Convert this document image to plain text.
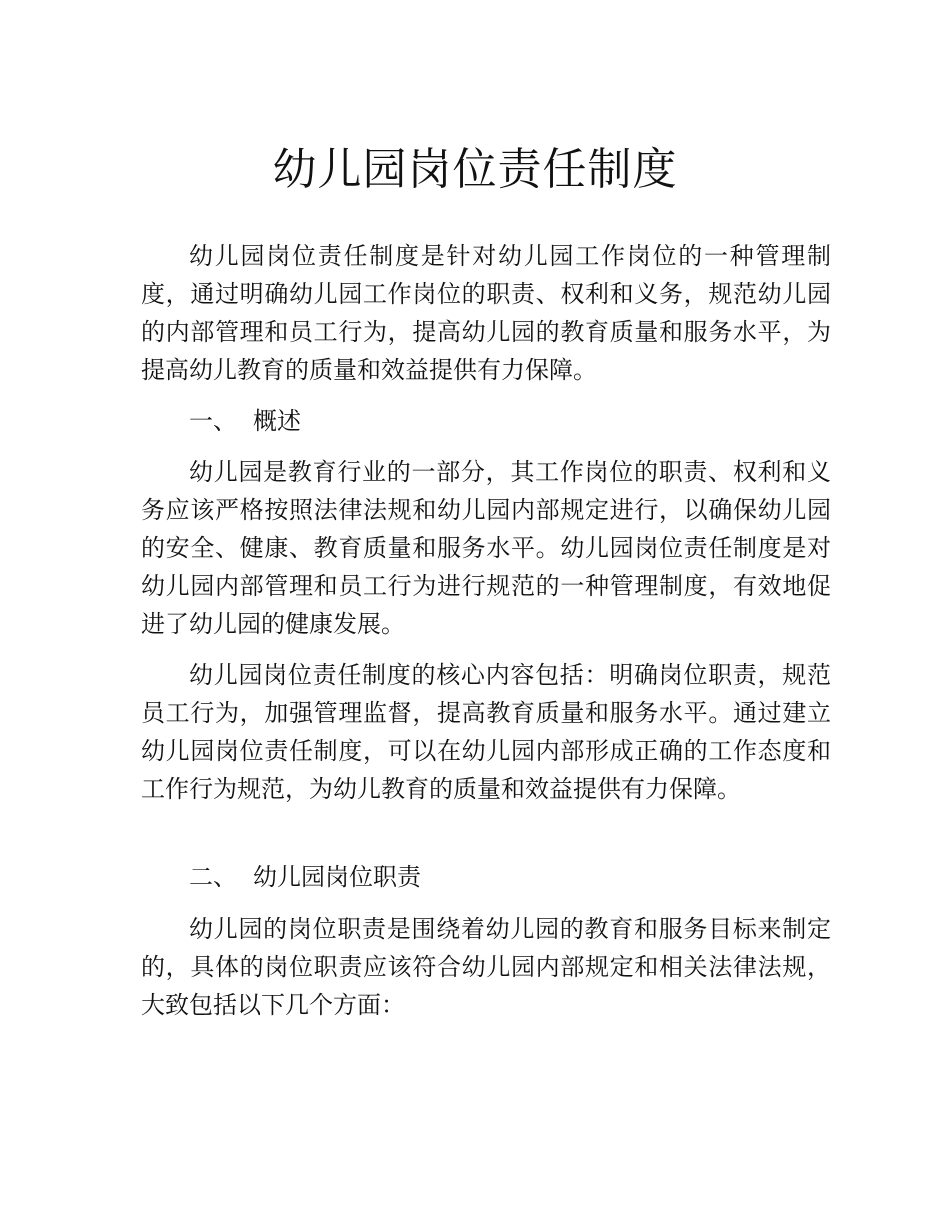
幼儿园岗位责任制度

幼儿园岗位责任制度是针对幼儿园工作岗位的一种管理制度，通过明确幼儿园工作岗位的职责、权利和义务，规范幼儿园的内部管理和员工行为，提高幼儿园的教育质量和服务水平，为提高幼儿教育的质量和效益提供有力保障。

一、 概述

幼儿园是教育行业的一部分，其工作岗位的职责、权利和义务应该严格按照法律法规和幼儿园内部规定进行，以确保幼儿园的安全、健康、教育质量和服务水平。幼儿园岗位责任制度是对幼儿园内部管理和员工行为进行规范的一种管理制度，有效地促进了幼儿园的健康发展。

幼儿园岗位责任制度的核心内容包括：明确岗位职责，规范员工行为，加强管理监督，提高教育质量和服务水平。通过建立幼儿园岗位责任制度，可以在幼儿园内部形成正确的工作态度和工作行为规范，为幼儿教育的质量和效益提供有力保障。

二、 幼儿园岗位职责

幼儿园的岗位职责是围绕着幼儿园的教育和服务目标来制定的，具体的岗位职责应该符合幼儿园内部规定和相关法律法规，大致包括以下几个方面：
